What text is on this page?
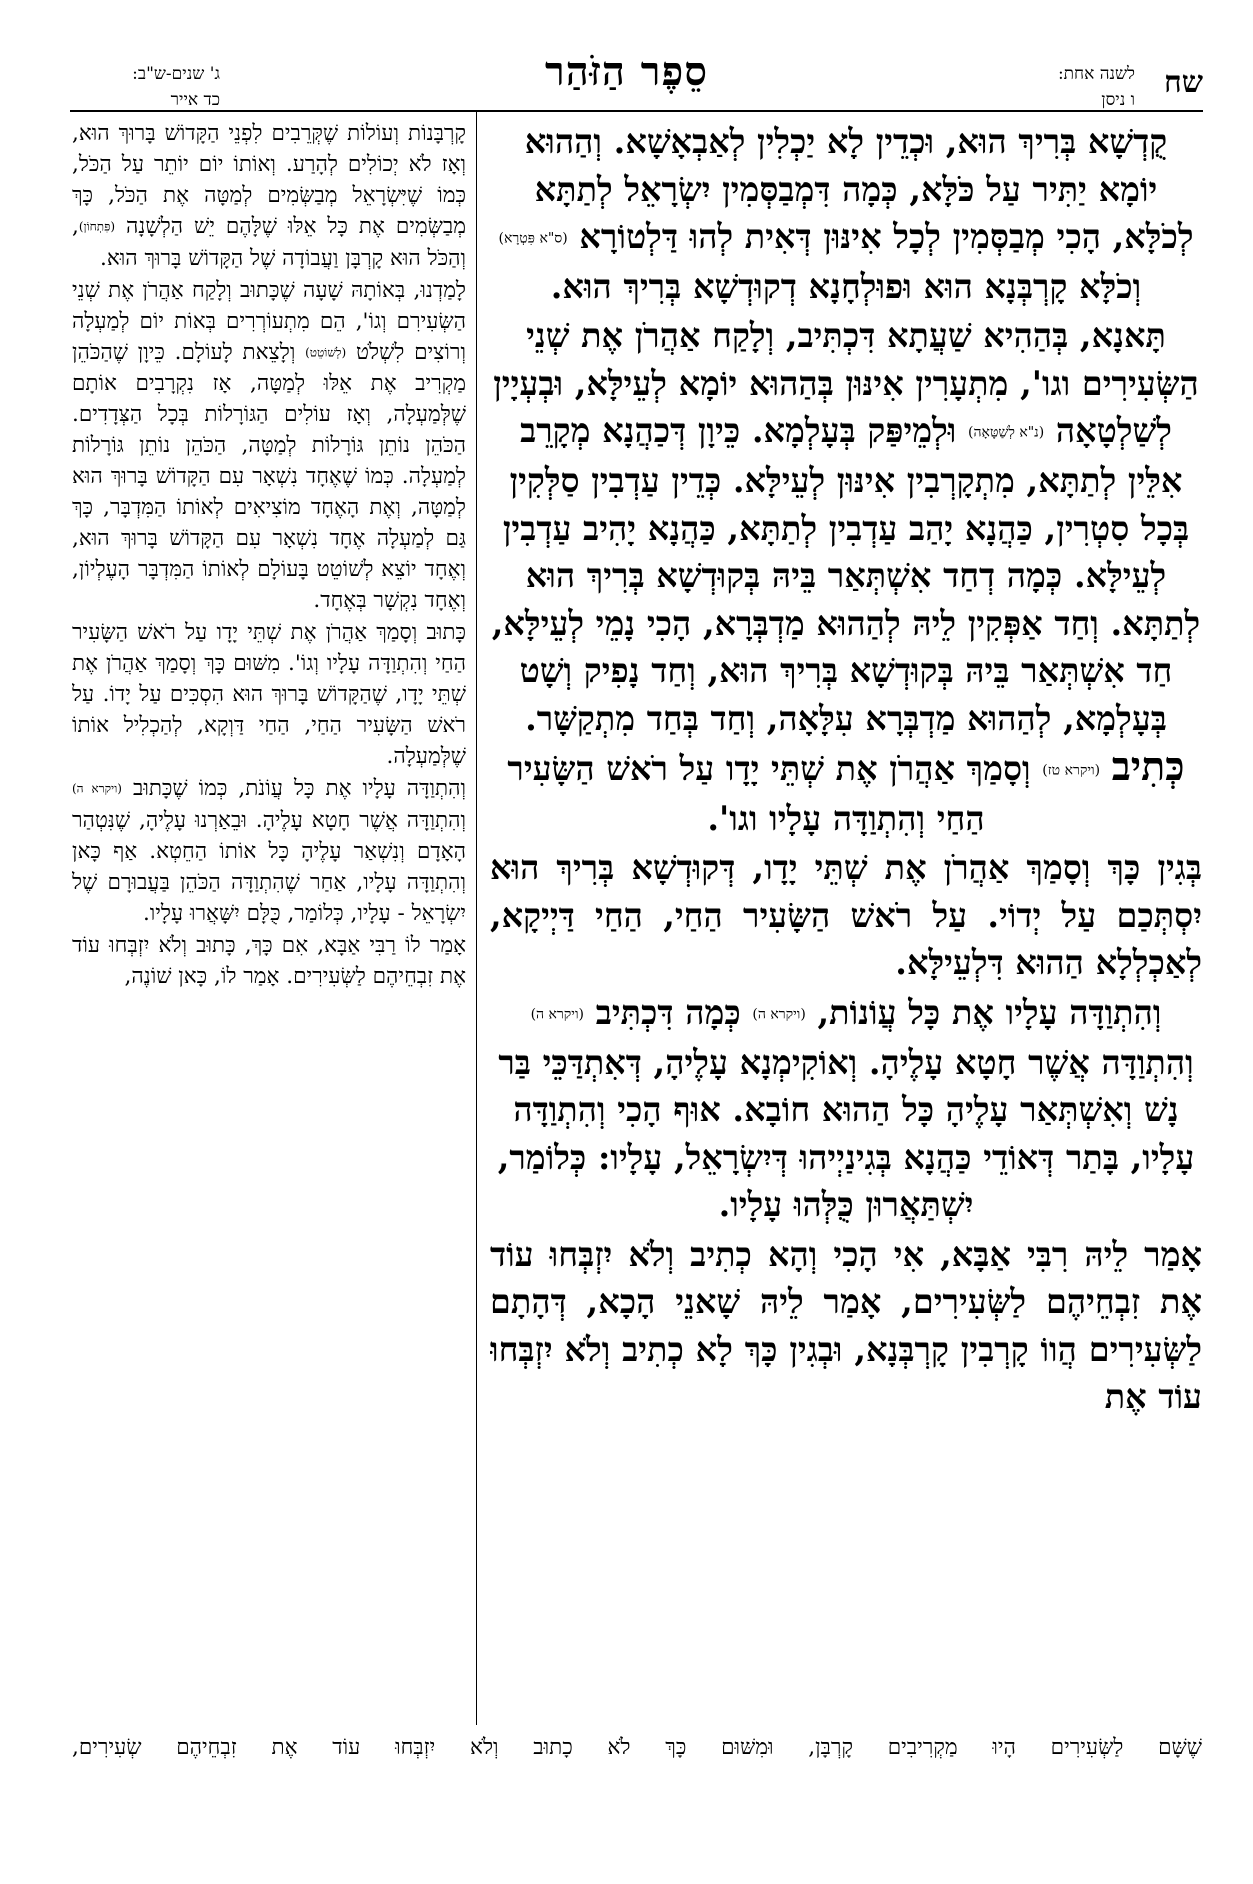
שח
לשנה אחת:
ו ניסן
סֵפֶר הַזֹּהַר
ג' שנים-ש"ב:
כד אייר

קֻדְשָׁא בְּרִיךְ הוּא, וּכְדֵין לָא יַכְלִין לְאַבְאָשָׁא. וְהַהוּא יוֹמָא יַתִּיר עַל כֹּלָּא, כְּמָה דִּמְבַסְּמִין יִשְׂרָאֵל לְתַתָּא לְכֹלָּא, הָכִי מְבַסְּמִין לְכָל אִינּוּן דְּאִית לְהוּ דַּלְטוֹרָא (ס"א פִּטְרָא) וְכֹלָּא קָרְבְּנָא הוּא וּפוּלְחָנָא דְקוּדְשָׁא בְּרִיךְ הוּא.

תָּאנָא, בְּהַהִיא שַׁעֲתָא דִּכְתִּיב, וְלָקַח אַהֲרֹן אֶת שְׁנֵי הַשְּׂעִירִים וגו', מִתְעָרִין אִינּוּן בְּהַהוּא יוֹמָא לְעֵילָּא, וּבְעְיָין לְשַׁלְטָאָה (נ"א לְשַׁטָּאָה) וּלְמֵיפַּק בְּעָלְמָא. כֵּיוָן דְּכַהֲנָא מְקָרֵב אִלֵּין לְתַתָּא, מִתְקָרְבִין אִינּוּן לְעֵילָּא. כְּדֵין עַדְבִין סַלְּקִין בְּכָל סִטְרִין, כַּהֲנָא יָהַב עַדְבִין לְתַתָּא, כַּהֲנָא יָהִיב עַדְבִין לְעֵילָּא. כְּמָה דְחַד אִשְׁתְּאַר בֵּיהּ בְּקוּדְשָׁא בְּרִיךְ הוּא לְתַתָּא. וְחַד אַפְּקִין לֵיהּ לְהַהוּא מַדְבְּרָא, הָכִי נָמֵי לְעֵילָּא, חַד אִשְׁתְּאַר בֵּיהּ בְּקוּדְשָׁא בְּרִיךְ הוּא, וְחַד נָפִיק וְשָׁט בְּעָלְמָא, לְהַהוּא מַדְבְּרָא עִלָּאָה, וְחַד בְּחַד מִתְקַשָּׁר.

כְּתִיב (ויקרא טז) וְסָמַךְ אַהֲרֹן אֶת שְׁתֵּי יָדָו עַל רֹאשׁ הַשָּׂעִיר הַחַי וְהִתְוַדָּה עָלָיו וגו'.

בְּגִין כָּךְ וְסָמַךְ אַהֲרֹן אֶת שְׁתֵּי יָדָו, דְּקוּדְשָׁא בְּרִיךְ הוּא יִסְתְּכַם עַל יְדוֹי. עַל רֹאשׁ הַשָּׂעִיר הַחַי, הַחַי דַּיְיקָא, לְאַכְלְלָא הַהוּא דִּלְעֵילָּא.

וְהִתְוַדָּה עָלָיו אֶת כָּל עֲוֹנוֹת, (ויקרא ה) כְּמָה דִּכְתִּיב (ויקרא ה) וְהִתְוַדָּה אֲשֶׁר חָטָא עָלֶיהָ. וְאוֹקִימְנָא עָלֶיהָ, דְּאִתְדַּכֵּי בַּר נָשׁ וְאִשְׁתְּאַר עָלֶיהָ כָּל הַהוּא חוֹבָא. אוּף הָכִי וְהִתְוַדָּה עָלָיו, בָּתַר דְּאוֹדֵי כַּהֲנָא בְּגִינַיְיהוּ דְּיִשְׂרָאֵל, עָלָיו: כְּלוֹמַר, יִשְׁתַּאֲרוּן כֻּלְּהוּ עָלָיו.

אָמַר לֵיהּ רִבִּי אַבָּא, אִי הָכִי וְהָא כְתִיב וְלֹא יִזְבְּחוּ עוֹד אֶת זִבְחֵיהֶם לַשְּׂעִירִים, אָמַר לֵיהּ שָׁאנֵי הָכָא, דְּהָתָם לַשְּׂעִירִים הֲווֹ קָרְבִין קָרְבְּנָא, וּבְגִין כָּךְ לָא כְתִיב וְלֹא יִזְבְּחוּ עוֹד אֶת

קָרְבָּנוֹת וְעוֹלוֹת שֶׁקְּרֵבִים לִפְנֵי הַקָּדוֹשׁ בָּרוּךְ הוּא, וְאָז לֹא יְכוֹלִים לְהָרַע. וְאוֹתוֹ יוֹם יוֹתֵר עַל הַכֹּל, כְּמוֹ שֶׁיִּשְׂרָאֵל מְבַשְּׂמִים לְמַטָּה אֶת הַכֹּל, כָּךְ מְבַשְּׂמִים אֶת כָּל אֵלּוּ שֶׁלָּהֶם יֵשׁ הַלְשָׁנָה (פִּתְחוֹן), וְהַכֹּל הוּא קָרְבָּן וַעֲבוֹדָה שֶׁל הַקָּדוֹשׁ בָּרוּךְ הוּא.

לָמַדְנוּ, בְּאוֹתָהּ שָׁעָה שֶׁכָּתוּב וְלָקַח אַהֲרֹן אֶת שְׁנֵי הַשְּׂעִירִם וְגוֹ', הֵם מִתְעוֹרְרִים בְּאוֹת יוֹם לְמַעְלָה וְרוֹצִים לִשְׁלֹט (לְשׁוֹטֵט) וְלָצֵאת לָעוֹלָם. כֵּיוָן שֶׁהַכֹּהֵן מַקְרִיב אֶת אֵלּוּ לְמַטָּה, אָז נִקְרָבִים אוֹתָם שֶׁלְּמַעְלָה, וְאָז עוֹלִים הַגּוֹרָלוֹת בְּכָל הַצְּדָדִים. הַכֹּהֵן נוֹתֵן גּוֹרָלוֹת לְמַטָּה, הַכֹּהֵן נוֹתֵן גּוֹרָלוֹת לְמַעְלָה. כְּמוֹ שֶׁאֶחָד נִשְׁאָר עִם הַקָּדוֹשׁ בָּרוּךְ הוּא לְמַטָּה, וְאֶת הָאֶחָד מוֹצִיאִים לְאוֹתוֹ הַמִּדְבָּר, כָּךְ גַּם לְמַעְלָה אֶחָד נִשְׁאָר עִם הַקָּדוֹשׁ בָּרוּךְ הוּא, וְאֶחָד יוֹצֵא לְשׁוֹטֵט בָּעוֹלָם לְאוֹתוֹ הַמִּדְבָּר הָעֶלְיוֹן, וְאֶחָד נִקְשָׁר בְּאֶחָד.

כָּתוּב וְסָמַךְ אַהֲרֹן אֶת שְׁתֵּי יָדָו עַל רֹאשׁ הַשָּׂעִיר הַחַי וְהִתְוַדָּה עָלָיו וְגוֹ'. מִשּׁוּם כָּךְ וְסָמַךְ אַהֲרֹן אֶת שְׁתֵּי יָדָו, שֶׁהַקָּדוֹשׁ בָּרוּךְ הוּא הִסְכִּים עַל יָדוֹ. עַל רֹאשׁ הַשָּׂעִיר הַחַי, הַחַי דַּוְקָא, לְהַכְלִיל אוֹתוֹ שֶׁלְּמַעְלָה.

וְהִתְוַדָּה עָלָיו אֶת כָּל עֲוֹנֹת, כְּמוֹ שֶׁכָּתוּב (ויקרא ה) וְהִתְוַדָּה אֲשֶׁר חָטָא עָלֶיהָ. וּבֵאַרְנוּ עָלֶיהָ, שֶׁנִּטְהַר הָאָדָם וְנִשְׁאַר עָלֶיהָ כָּל אוֹתוֹ הַחֵטְא. אַף כָּאן וְהִתְוַדָּה עָלָיו, אַחַר שֶׁהִתְוַדָּה הַכֹּהֵן בַּעֲבוּרָם שֶׁל יִשְׂרָאֵל - עָלָיו, כְּלוֹמַר, כֻּלָּם יִשָּׁאֲרוּ עָלָיו.

אָמַר לוֹ רַבִּי אַבָּא, אִם כָּךְ, כָּתוּב וְלֹא יִזְבְּחוּ עוֹד אֶת זִבְחֵיהֶם לַשְּׂעִירִים. אָמַר לוֹ, כָּאן שׁוֹנֶה,

שֶׁשָּׁם לַשְּׂעִירִים הָיוּ מַקְרִיבִים קָרְבָּן, וּמִשּׁוּם כָּךְ לֹא כָתוּב וְלֹא יִזְבְּחוּ עוֹד אֶת זִבְחֵיהֶם שְׂעִירִים,
